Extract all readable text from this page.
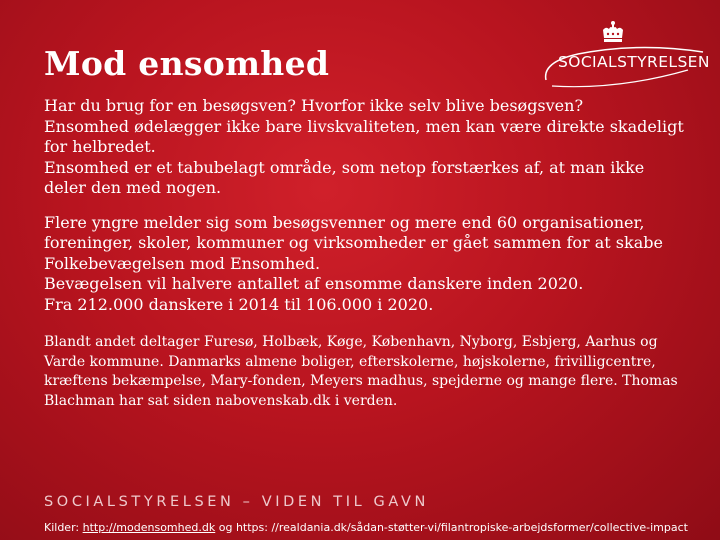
Mod ensomhed	SOCIALSTYRELSEN

Har du brug for en besøgsven? Hvorfor ikke selv blive besøgsven?

Ensomhed ødelægger ikke bare livskvaliteten, men kan være direkte skadeligt for helbredet.

Ensomhed er et tabubelagt område, som netop forstærkes af, at man ikke deler den med nogen.

Flere yngre melder sig som besøgsvenner og mere end 60 organisationer, foreninger, skoler, kommuner og virksomheder er gået sammen for at skabe Folkebevægelsen mod Ensomhed.

Bevægelsen vil halvere antallet af ensomme danskere inden 2020.

Fra 212.000 danskere i 2014 til 106.000 i 2020.

Blandt andet deltager Furesø, Holbæk, Køge, København, Nyborg, Esbjerg, Aarhus og Varde kommune. Danmarks almene boliger, efterskolerne, højskolerne, frivilligcentre, kræftens bekæmpelse, Mary-fonden, Meyers madhus, spejderne og mange flere. Thomas Blachman har sat siden nabovenskab.dk i verden.

SOCIALSTYRELSEN – VIDEN TIL GAVN
Kilder: http://modensomhed.dk og https: //realdania.dk/sådan-støtter-vi/filantropiske-arbejdsformer/collective-impact
